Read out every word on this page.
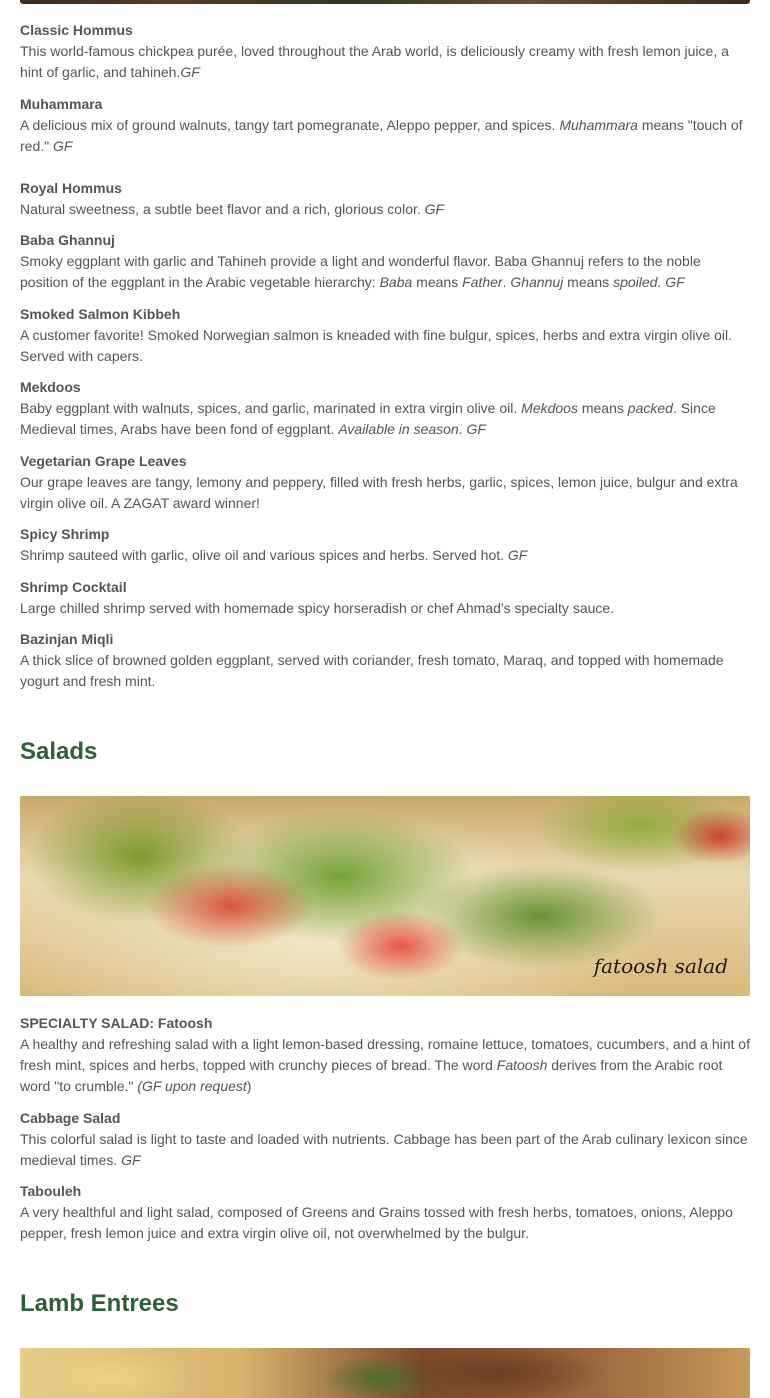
Classic Hommus
This world-famous chickpea purée, loved throughout the Arab world, is deliciously creamy with fresh lemon juice, a hint of garlic, and tahineh.GF
Muhammara
A delicious mix of ground walnuts, tangy tart pomegranate, Aleppo pepper, and spices. Muhammara means "touch of red." GF
Royal Hommus
Natural sweetness, a subtle beet flavor and a rich, glorious color. GF
Baba Ghannuj
Smoky eggplant with garlic and Tahineh provide a light and wonderful flavor. Baba Ghannuj refers to the noble position of the eggplant in the Arabic vegetable hierarchy: Baba means Father. Ghannuj means spoiled. GF
Smoked Salmon Kibbeh
A customer favorite! Smoked Norwegian salmon is kneaded with fine bulgur, spices, herbs and extra virgin olive oil. Served with capers.
Mekdoos
Baby eggplant with walnuts, spices, and garlic, marinated in extra virgin olive oil. Mekdoos means packed. Since Medieval times, Arabs have been fond of eggplant. Available in season. GF
Vegetarian Grape Leaves
Our grape leaves are tangy, lemony and peppery, filled with fresh herbs, garlic, spices, lemon juice, bulgur and extra virgin olive oil. A ZAGAT award winner!
Spicy Shrimp
Shrimp sauteed with garlic, olive oil and various spices and herbs. Served hot. GF
Shrimp Cocktail
Large chilled shrimp served with homemade spicy horseradish or chef Ahmad's specialty sauce.
Bazinjan Miqli
A thick slice of browned golden eggplant, served with coriander, fresh tomato, Maraq, and topped with homemade yogurt and fresh mint.
Salads
fatoosh salad
SPECIALTY SALAD: Fatoosh
A healthy and refreshing salad with a light lemon-based dressing, romaine lettuce, tomatoes, cucumbers, and a hint of fresh mint, spices and herbs, topped with crunchy pieces of bread. The word Fatoosh derives from the Arabic root word "to crumble." (GF upon request)
Cabbage Salad
This colorful salad is light to taste and loaded with nutrients. Cabbage has been part of the Arab culinary lexicon since medieval times. GF
Tabouleh
A very healthful and light salad, composed of Greens and Grains tossed with fresh herbs, tomatoes, onions, Aleppo pepper, fresh lemon juice and extra virgin olive oil, not overwhelmed by the bulgur.
Lamb Entrees
